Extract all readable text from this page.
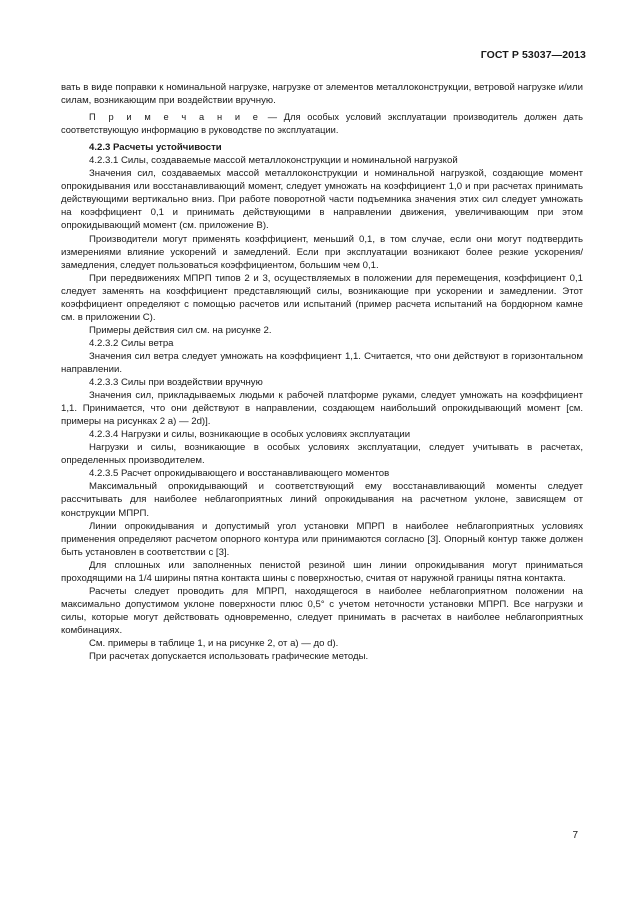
ГОСТ Р 53037—2013

вать в виде поправки к номинальной нагрузке, нагрузке от элементов металлоконструкции, ветровой нагрузке и/или силам, возникающим при воздействии вручную.

П р и м е ч а н и е — Для особых условий эксплуатации производитель должен дать соответствующую информацию в руководстве по эксплуатации.

4.2.3 Расчеты устойчивости

4.2.3.1 Силы, создаваемые массой металлоконструкции и номинальной нагрузкой

Значения сил, создаваемых массой металлоконструкции и номинальной нагрузкой, создающие момент опрокидывания или восстанавливающий момент, следует умножать на коэффициент 1,0 и при расчетах принимать действующими вертикально вниз. При работе поворотной части подъемника значения этих сил следует умножать на коэффициент 0,1 и принимать действующими в направлении движения, увеличивающим при этом опрокидывающий момент (см. приложение В).

Производители могут применять коэффициент, меньший 0,1, в том случае, если они могут подтвердить измерениями влияние ускорений и замедлений. Если при эксплуатации возникают более резкие ускорения/замедления, следует пользоваться коэффициентом, большим чем 0,1.

При передвижениях МПРП типов 2 и 3, осуществляемых в положении для перемещения, коэффициент 0,1 следует заменять на коэффициент представляющий силы, возникающие при ускорении и замедлении. Этот коэффициент определяют с помощью расчетов или испытаний (пример расчета испытаний на бордюрном камне см. в приложении С).

Примеры действия сил см. на рисунке 2.

4.2.3.2 Силы ветра

Значения сил ветра следует умножать на коэффициент 1,1. Считается, что они действуют в горизонтальном направлении.

4.2.3.3 Силы при воздействии вручную

Значения сил, прикладываемых людьми к рабочей платформе руками, следует умножать на коэффициент 1,1. Принимается, что они действуют в направлении, создающем наибольший опрокидывающий момент [см. примеры на рисунках 2 a) — 2d)].

4.2.3.4 Нагрузки и силы, возникающие в особых условиях эксплуатации

Нагрузки и силы, возникающие в особых условиях эксплуатации, следует учитывать в расчетах, определенных производителем.

4.2.3.5 Расчет опрокидывающего и восстанавливающего моментов

Максимальный опрокидывающий и соответствующий ему восстанавливающий моменты следует рассчитывать для наиболее неблагоприятных линий опрокидывания на расчетном уклоне, зависящем от конструкции МПРП.

Линии опрокидывания и допустимый угол установки МПРП в наиболее неблагоприятных условиях применения определяют расчетом опорного контура или принимаются согласно [3]. Опорный контур также должен быть установлен в соответствии с [3].

Для сплошных или заполненных пенистой резиной шин линии опрокидывания могут приниматься проходящими на 1/4 ширины пятна контакта шины с поверхностью, считая от наружной границы пятна контакта.

Расчеты следует проводить для МПРП, находящегося в наиболее неблагоприятном положении на максимально допустимом уклоне поверхности плюс 0,5° с учетом неточности установки МПРП. Все нагрузки и силы, которые могут действовать одновременно, следует принимать в расчетах в наиболее неблагоприятных комбинациях.

См. примеры в таблице 1, и на рисунке 2, от а) — до d).

При расчетах допускается использовать графические методы.

7
